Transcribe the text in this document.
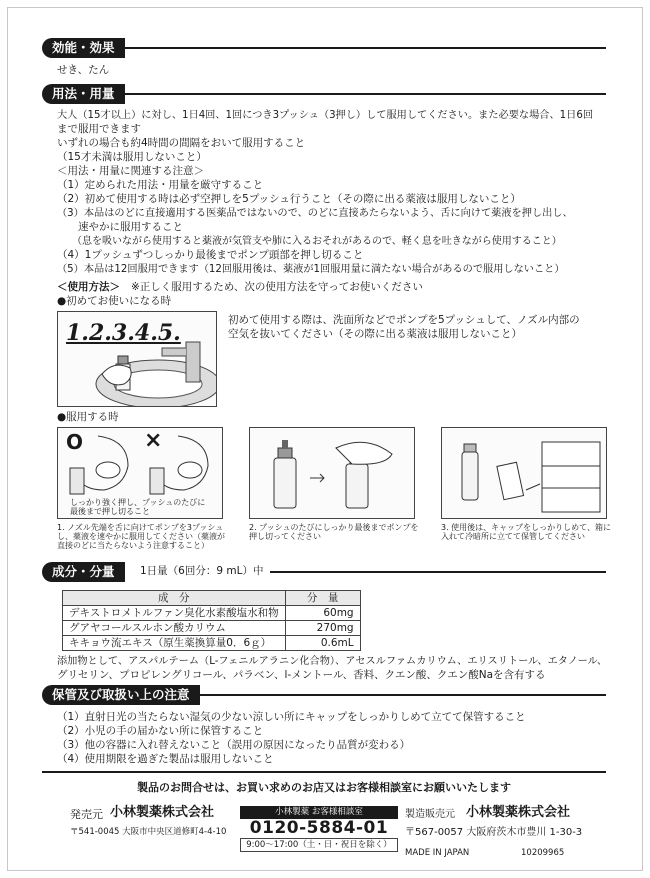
効能・効果
せき、たん
用法・用量
大人（15才以上）に対し、1日4回、1回につき3プッシュ（3押し）して服用してください。また必要な場合、1日6回
まで服用できます
いずれの場合も約4時間の間隔をおいて服用すること
（15才未満は服用しないこと）
＜用法・用量に関連する注意＞
（1）定められた用法・用量を厳守すること
（2）初めて使用する時は必ず空押しを5プッシュ行うこと（その際に出る薬液は服用しないこと）
（3）本品はのどに直接適用する医薬品ではないので、のどに直接あたらないよう、舌に向けて薬液を押し出し、
　　速やかに服用すること
　　（息を吸いながら使用すると薬液が気管支や肺に入るおそれがあるので、軽く息を吐きながら使用すること）
（4）1プッシュずつしっかり最後までポンプ頭部を押し切ること
（5）本品は12回服用できます（12回服用後は、薬液が1回服用量に満たない場合があるので服用しないこと）
＜使用方法＞ ※正しく服用するため、次の使用方法を守ってお使いください
●初めてお使いになる時
1.2.3.4.5.	初めて使用する際は、洗面所などでポンプを5プッシュして、ノズル内部の
空気を抜いてください（その際に出る薬液は服用しないこと）
●服用する時
O	×
しっかり強く押し、プッシュのたびに
最後まで押し切ること
1. ノズル先端を舌に向けてポンプを3プッシュ
し、薬液を速やかに服用してください（薬液が
直接のどに当たらないよう注意すること）
2. プッシュのたびにしっかり最後までポンプを
押し切ってください
3. 使用後は、キャップをしっかりしめて、箱に
入れて冷暗所に立てて保管してください
成分・分量	1日量（6回分：9 mL）中
成　分	分　量
デキストロメトルファン臭化水素酸塩水和物	60mg
グアヤコールスルホン酸カリウム	270mg
キキョウ流エキス（原生薬換算量0．6ｇ）	0.6mL
添加物として、アスパルテーム（L-フェニルアラニン化合物）、アセスルファムカリウム、エリスリトール、エタノール、
グリセリン、プロピレングリコール、パラベン、l-メントール、香料、クエン酸、クエン酸Naを含有する
保管及び取扱い上の注意
（1）直射日光の当たらない湿気の少ない涼しい所にキャップをしっかりしめて立てて保管すること
（2）小児の手の届かない所に保管すること
（3）他の容器に入れ替えないこと（誤用の原因になったり品質が変わる）
（4）使用期限を過ぎた製品は服用しないこと
製品のお問合せは、お買い求めのお店又はお客様相談室にお願いいたします
発売元 小林製薬株式会社
〒541-0045 大阪市中央区道修町4-4-10
小林製薬 お客様相談室
0120-5884-01
9:00～17:00（土・日・祝日を除く）
製造販売元 小林製薬株式会社
〒567-0057 大阪府茨木市豊川 1-30-3
MADE IN JAPAN	10209965
